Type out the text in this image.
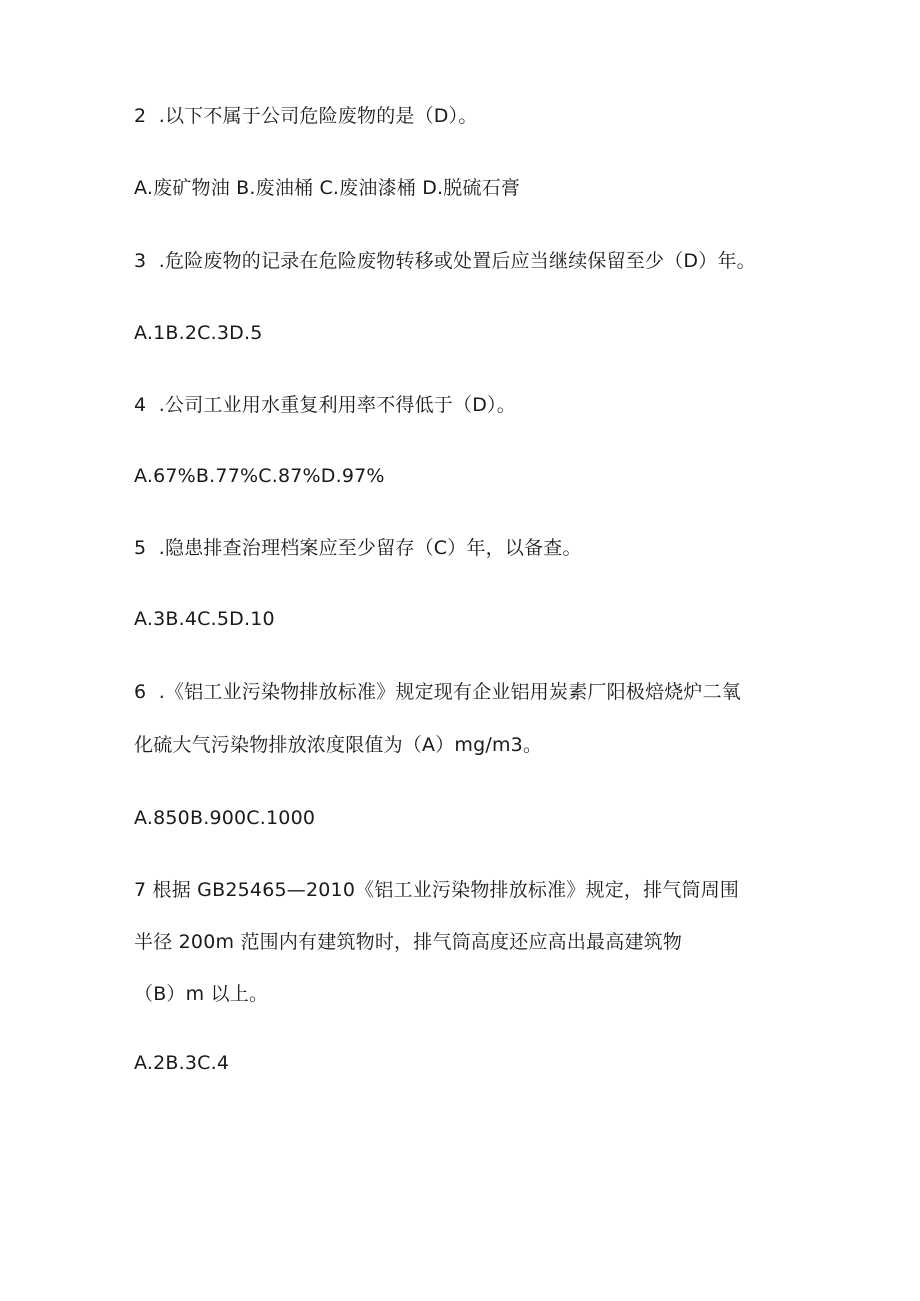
2  .以下不属于公司危险废物的是（D）。
A.废矿物油 B.废油桶 C.废油漆桶 D.脱硫石膏
3  .危险废物的记录在危险废物转移或处置后应当继续保留至少（D）年。
A.1B.2C.3D.5
4  .公司工业用水重复利用率不得低于（D）。
A.67%B.77%C.87%D.97%
5  .隐患排查治理档案应至少留存（C）年，以备查。
A.3B.4C.5D.10
6  .《铝工业污染物排放标准》规定现有企业铝用炭素厂阳极焙烧炉二氧
化硫大气污染物排放浓度限值为（A）mg∕m3。
A.850B.900C.1000
7 根据 GB25465—2010《铝工业污染物排放标准》规定，排气筒周围
半径 200m 范围内有建筑物时，排气筒高度还应高出最高建筑物
（B）m 以上。
A.2B.3C.4
